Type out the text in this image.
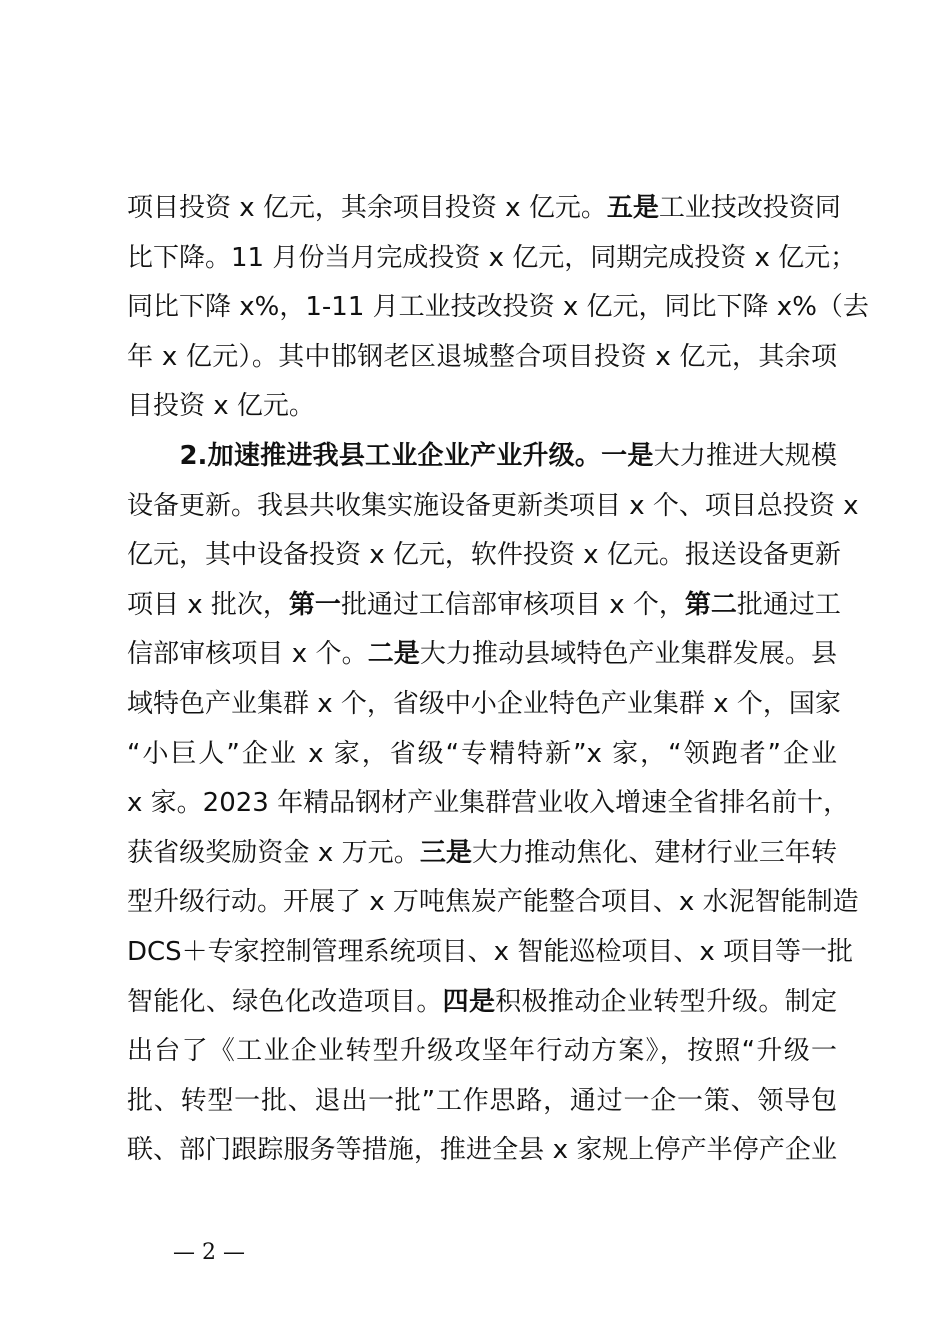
项目投资 x 亿元，其余项目投资 x 亿元。五是工业技改投资同
比下降。11 月份当月完成投资 x 亿元，同期完成投资 x 亿元；
同比下降 x%，1-11 月工业技改投资 x 亿元，同比下降 x%（去
年 x 亿元）。其中邯钢老区退城整合项目投资 x 亿元，其余项
目投资 x 亿元。
　　2.加速推进我县工业企业产业升级。一是大力推进大规模
设备更新。我县共收集实施设备更新类项目 x 个、项目总投资 x
亿元，其中设备投资 x 亿元，软件投资 x 亿元。报送设备更新
项目 x 批次，第一批通过工信部审核项目 x 个，第二批通过工
信部审核项目 x 个。二是大力推动县域特色产业集群发展。县
域特色产业集群 x 个，省级中小企业特色产业集群 x 个，国家
“小巨人”企业 x 家，省级“专精特新”x 家，“领跑者”企业
x 家。2023 年精品钢材产业集群营业收入增速全省排名前十，
获省级奖励资金 x 万元。三是大力推动焦化、建材行业三年转
型升级行动。开展了 x 万吨焦炭产能整合项目、x 水泥智能制造
DCS＋专家控制管理系统项目、x 智能巡检项目、x 项目等一批
智能化、绿色化改造项目。四是积极推动企业转型升级。制定
出台了《工业企业转型升级攻坚年行动方案》，按照“升级一
批、转型一批、退出一批”工作思路，通过一企一策、领导包
联、部门跟踪服务等措施，推进全县 x 家规上停产半停产企业
— 2 —
